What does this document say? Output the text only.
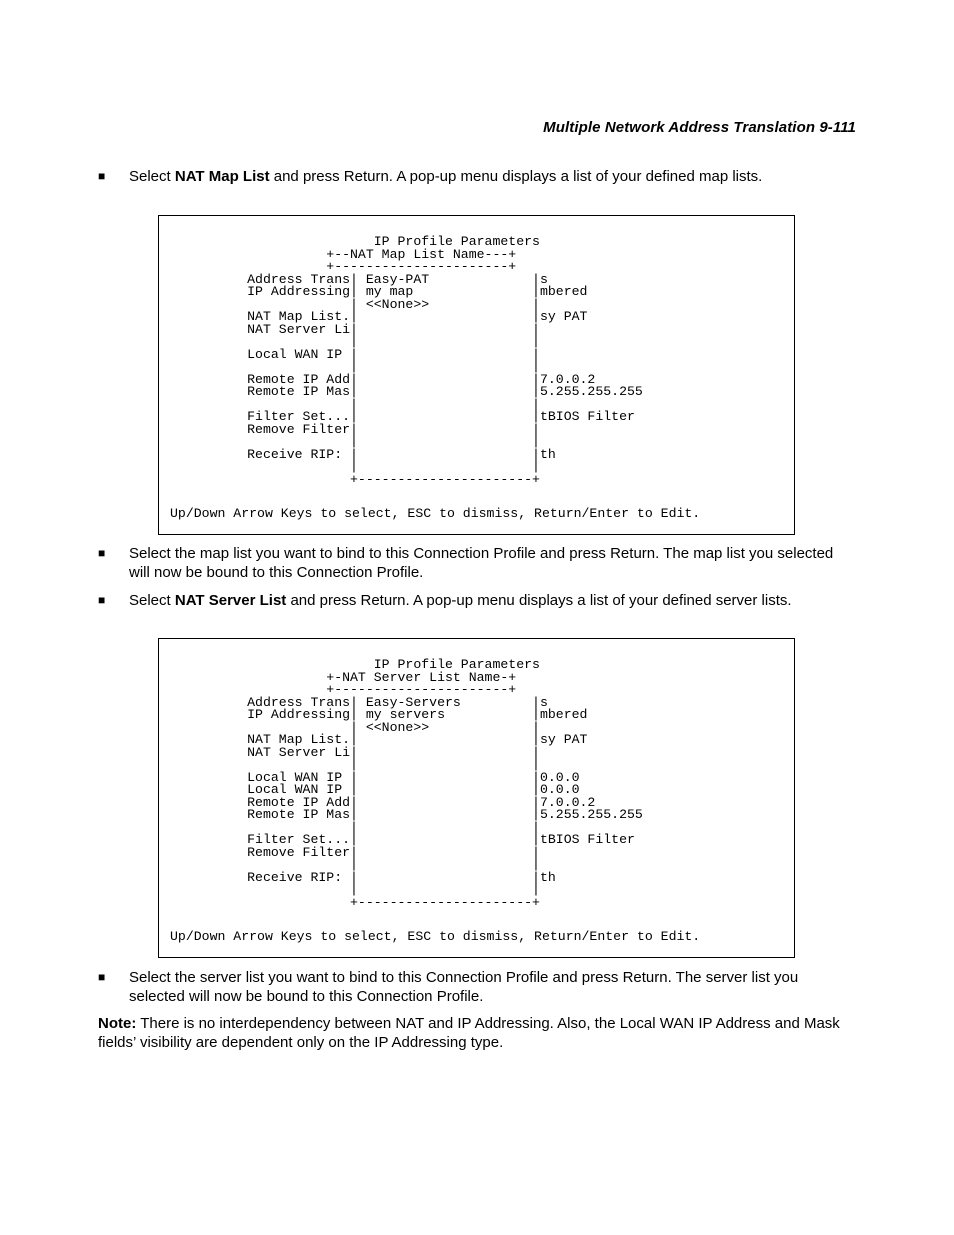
Multiple Network Address Translation 9-111
■ Select NAT Map List and press Return. A pop-up menu displays a list of your defined map lists.
IP Profile Parameters
+--NAT Map List Name---+
+----------------------+
Address Trans| Easy-PAT             |s
IP Addressing| my map               |mbered
| <<None>>             |
NAT Map List.|                      |sy PAT
NAT Server Li|                      |
|                      |
Local WAN IP |                      |
|                      |
Remote IP Add|                      |7.0.0.2
Remote IP Mas|                      |5.255.255.255
|                      |
Filter Set...|                      |tBIOS Filter
Remove Filter|                      |
|                      |
Receive RIP: |                      |th
|                      |
+----------------------+
Up/Down Arrow Keys to select, ESC to dismiss, Return/Enter to Edit.
■ Select the map list you want to bind to this Connection Profile and press Return. The map list you selected will now be bound to this Connection Profile.
■ Select NAT Server List and press Return. A pop-up menu displays a list of your defined server lists.
IP Profile Parameters
+-NAT Server List Name-+
+----------------------+
Address Trans| Easy-Servers         |s
IP Addressing| my servers           |mbered
| <<None>>             |
NAT Map List.|                      |sy PAT
NAT Server Li|                      |
|                      |
Local WAN IP |                      |0.0.0
Local WAN IP |                      |0.0.0
Remote IP Add|                      |7.0.0.2
Remote IP Mas|                      |5.255.255.255
|                      |
Filter Set...|                      |tBIOS Filter
Remove Filter|                      |
|                      |
Receive RIP: |                      |th
|                      |
+----------------------+
Up/Down Arrow Keys to select, ESC to dismiss, Return/Enter to Edit.
■ Select the server list you want to bind to this Connection Profile and press Return. The server list you selected will now be bound to this Connection Profile.
Note: There is no interdependency between NAT and IP Addressing. Also, the Local WAN IP Address and Mask fields’ visibility are dependent only on the IP Addressing type.
